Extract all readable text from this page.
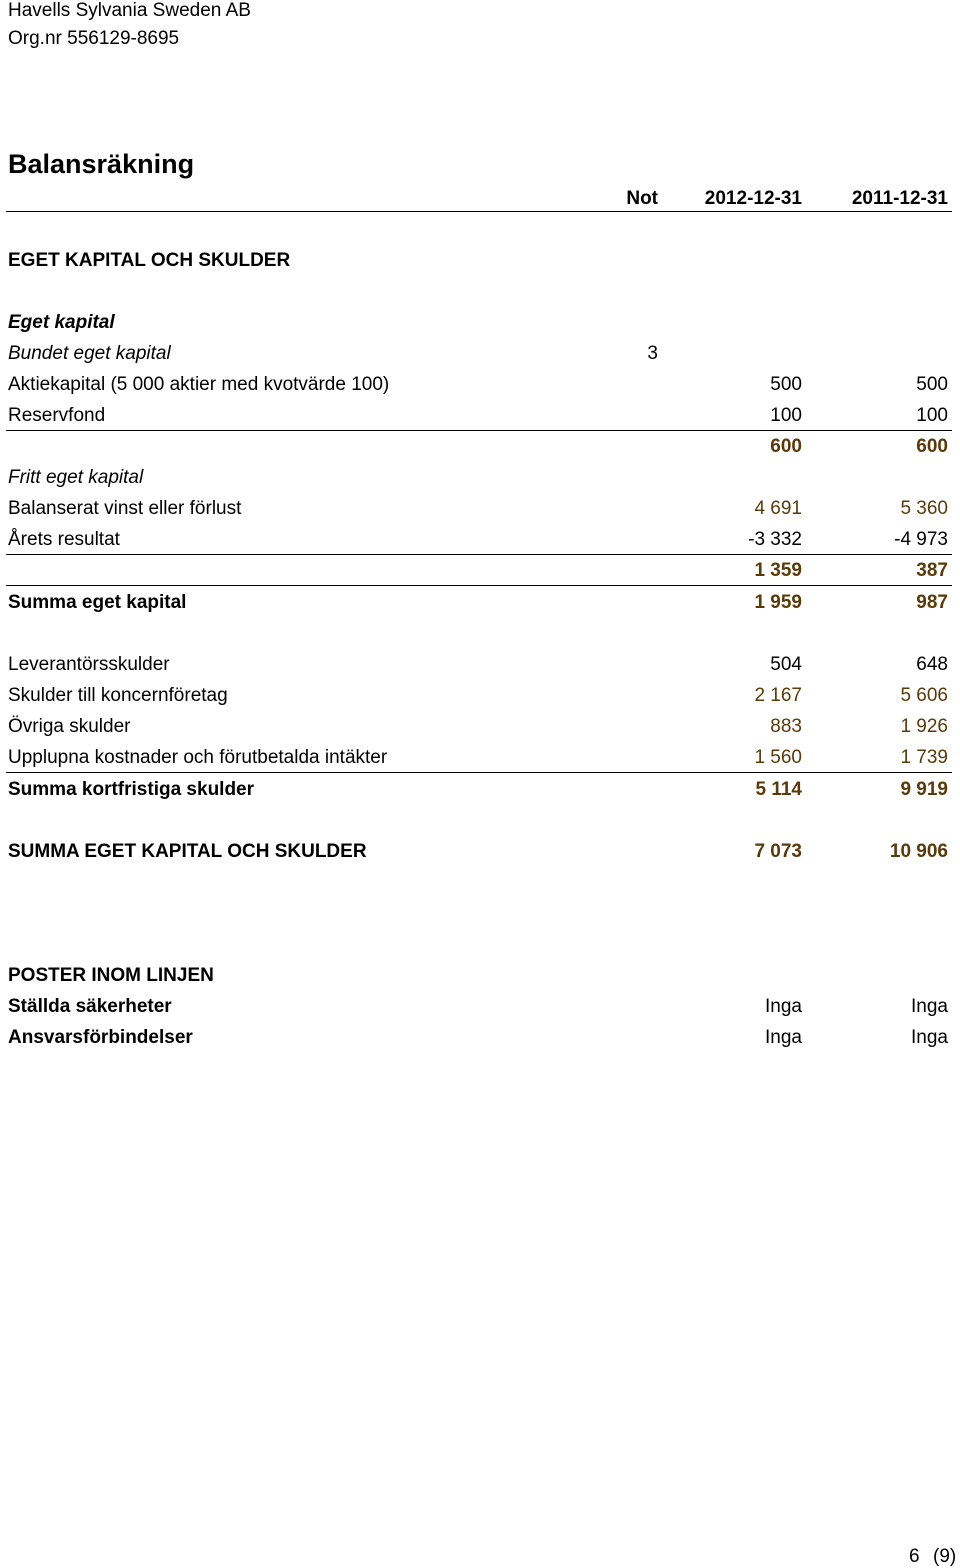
Havells Sylvania Sweden AB
Org.nr 556129-8695
Balansräkning
Not 2012-12-31	2011-12-31
EGET KAPITAL OCH SKULDER
Eget kapital
Bundet eget kapital	3
Aktiekapital (5 000 aktier med kvotvärde 100)	500	500
Reservfond	100	100
600	600
Fritt eget kapital
Balanserat vinst eller förlust	4 691	5 360
Årets resultat	-3 332	-4 973
1 359	387
Summa eget kapital	1 959	987
Leverantörsskulder	504	648
Skulder till koncernföretag	2 167	5 606
Övriga skulder	883	1 926
Upplupna kostnader och förutbetalda intäkter	1 560	1 739
Summa kortfristiga skulder	5 114	9 919
SUMMA EGET KAPITAL OCH SKULDER	7 073	10 906
POSTER INOM LINJEN
Ställda säkerheter	Inga	Inga
Ansvarsförbindelser	Inga	Inga
6 (9)
